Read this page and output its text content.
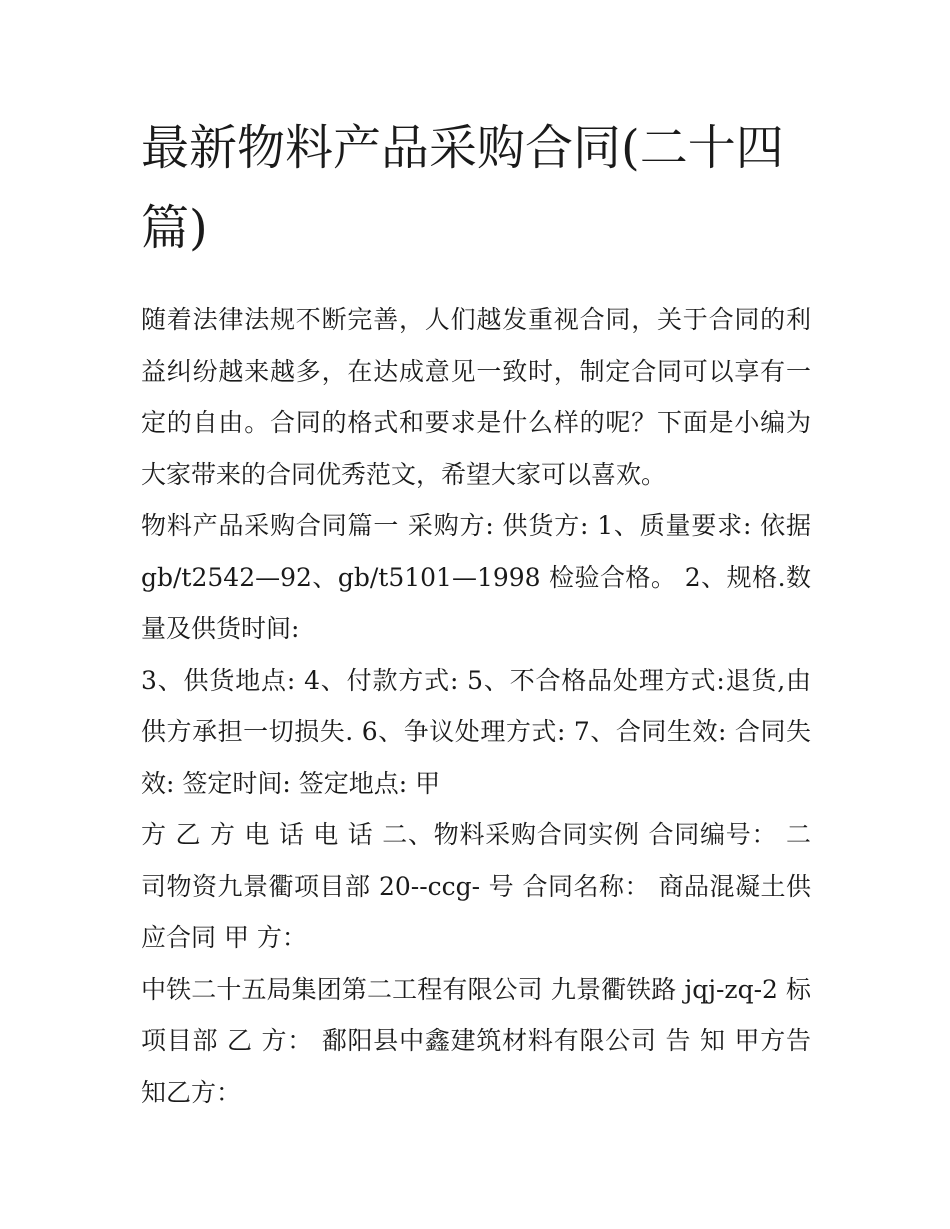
最新物料产品采购合同(二十四篇)

随着法律法规不断完善，人们越发重视合同，关于合同的利益纠纷越来越多，在达成意见一致时，制定合同可以享有一定的自由。合同的格式和要求是什么样的呢？下面是小编为大家带来的合同优秀范文，希望大家可以喜欢。

物料产品采购合同篇一 采购方: 供货方: 1、质量要求: 依据 gb/t2542—92、gb/t5101—1998 检验合格。 2、规格.数量及供货时间:

3、供货地点: 4、付款方式: 5、不合格品处理方式:退货,由供方承担一切损失. 6、争议处理方式: 7、合同生效: 合同失效: 签定时间: 签定地点: 甲

方 乙 方 电 话 电 话 二、物料采购合同实例 合同编号： 二司物资九景衢项目部 20--ccg- 号 合同名称： 商品混凝土供应合同 甲 方：

中铁二十五局集团第二工程有限公司 九景衢铁路 jqj-zq-2 标项目部 乙 方： 鄱阳县中鑫建筑材料有限公司 告 知 甲方告知乙方：
